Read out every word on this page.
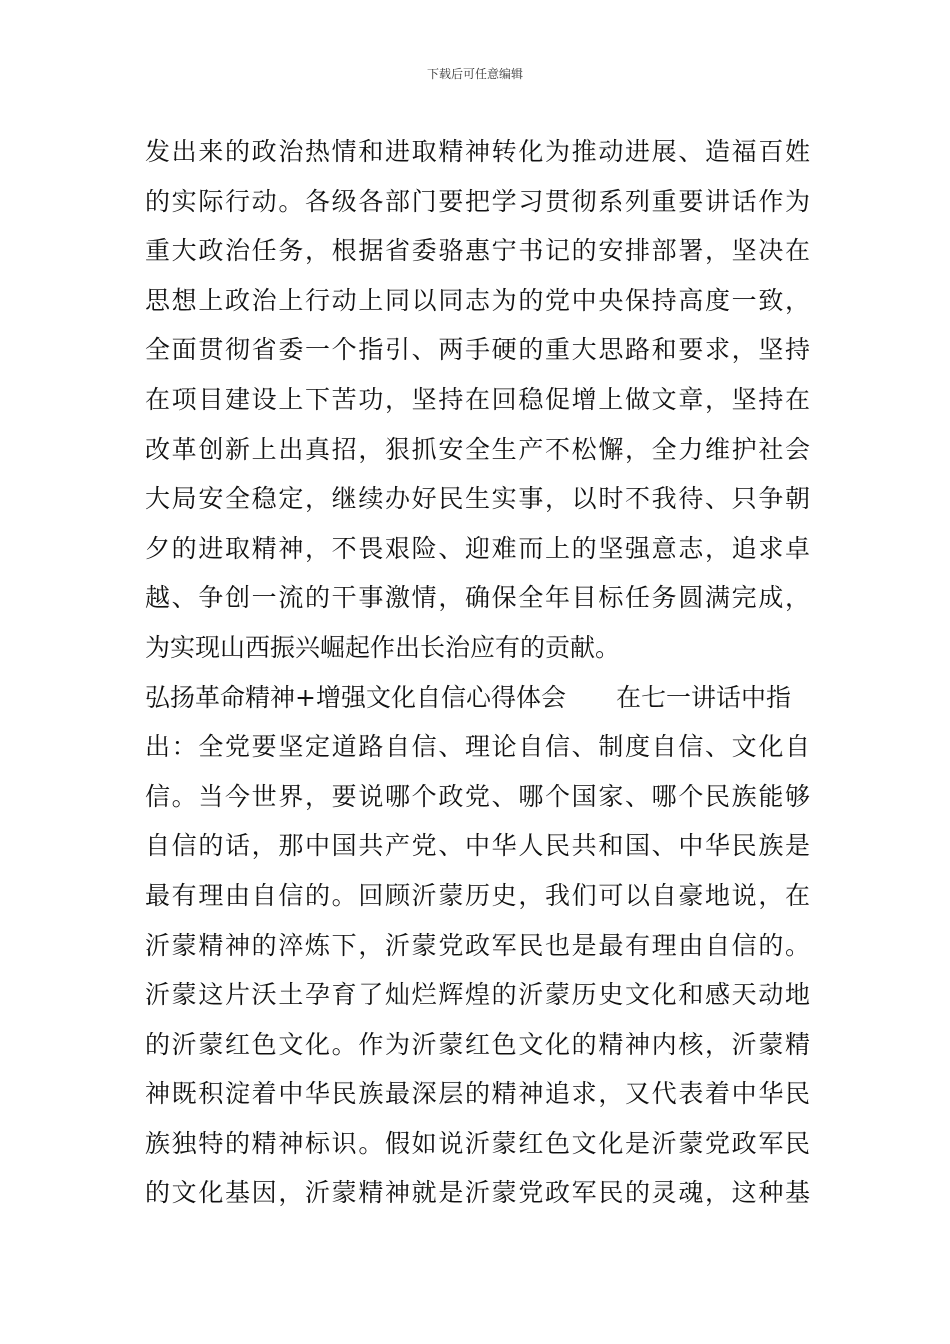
下载后可任意编辑
发出来的政治热情和进取精神转化为推动进展、造福百姓
的实际行动。各级各部门要把学习贯彻系列重要讲话作为
重大政治任务，根据省委骆惠宁书记的安排部署，坚决在
思想上政治上行动上同以同志为的党中央保持高度一致，
全面贯彻省委一个指引、两手硬的重大思路和要求，坚持
在项目建设上下苦功，坚持在回稳促增上做文章，坚持在
改革创新上出真招，狠抓安全生产不松懈，全力维护社会
大局安全稳定，继续办好民生实事，以时不我待、只争朝
夕的进取精神，不畏艰险、迎难而上的坚强意志，追求卓
越、争创一流的干事激情，确保全年目标任务圆满完成，
为实现山西振兴崛起作出长治应有的贡献。
弘扬革命精神+增强文化自信心得体会 在七一讲话中指
出：全党要坚定道路自信、理论自信、制度自信、文化自
信。当今世界，要说哪个政党、哪个国家、哪个民族能够
自信的话，那中国共产党、中华人民共和国、中华民族是
最有理由自信的。回顾沂蒙历史，我们可以自豪地说，在
沂蒙精神的淬炼下，沂蒙党政军民也是最有理由自信的。
沂蒙这片沃土孕育了灿烂辉煌的沂蒙历史文化和感天动地
的沂蒙红色文化。作为沂蒙红色文化的精神内核，沂蒙精
神既积淀着中华民族最深层的精神追求，又代表着中华民
族独特的精神标识。假如说沂蒙红色文化是沂蒙党政军民
的文化基因，沂蒙精神就是沂蒙党政军民的灵魂，这种基
